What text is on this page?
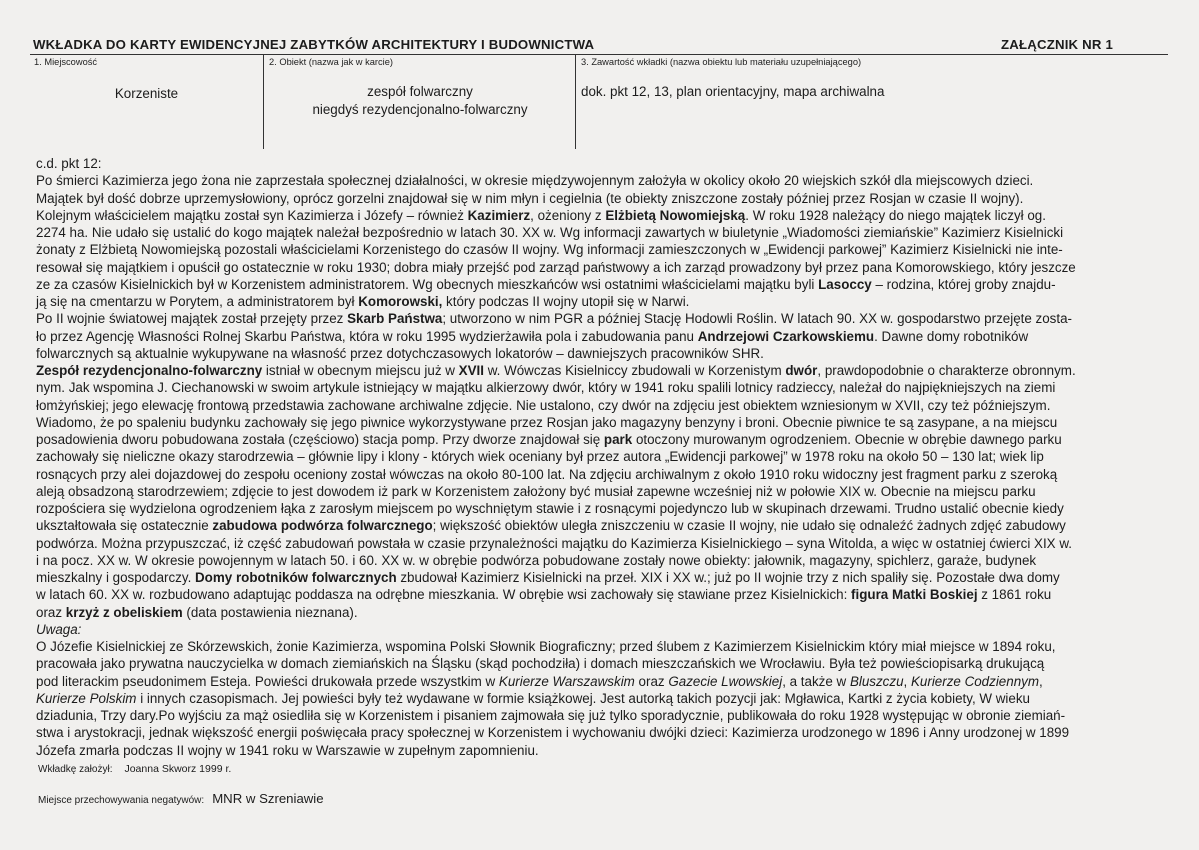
WKŁADKA DO KARTY EWIDENCYJNEJ ZABYTKÓW ARCHITEKTURY I BUDOWNICTWA	ZAŁĄCZNIK NR 1
1. Miejscowość
Korzeniste
2. Obiekt (nazwa jak w karcie)
zespół folwarczny
niegdyś rezydencjonalno-folwarczny
3. Zawartość wkładki (nazwa obiektu lub materiału uzupełniającego)
dok. pkt 12, 13, plan orientacyjny, mapa archiwalna

c.d. pkt 12:

Po śmierci Kazimierza jego żona nie zaprzestała społecznej działalności, w okresie międzywojennym założyła w okolicy około 20 wiejskich szkół dla miejscowych dzieci.

Majątek był dość dobrze uprzemysłowiony, oprócz gorzelni znajdował się w nim młyn i cegielnia (te obiekty zniszczone zostały później przez Rosjan w czasie II wojny).

Kolejnym właścicielem majątku został syn Kazimierza i Józefy – również Kazimierz, ożeniony z Elżbietą Nowomiejską. W roku 1928 należący do niego majątek liczył og.

2274 ha. Nie udało się ustalić do kogo majątek należał bezpośrednio w latach 30. XX w. Wg informacji zawartych w biuletynie „Wiadomości ziemiańskie” Kazimierz Kisielnicki

żonaty z Elżbietą Nowomiejską pozostali właścicielami Korzenistego do czasów II wojny. Wg informacji zamieszczonych w „Ewidencji parkowej” Kazimierz Kisielnicki nie inte-

resował się majątkiem i opuścił go ostatecznie w roku 1930; dobra miały przejść pod zarząd państwowy a ich zarząd prowadzony był przez pana Komorowskiego, który jeszcze

ze za czasów Kisielnickich był w Korzenistem administratorem. Wg obecnych mieszkańców wsi ostatnimi właścicielami majątku byli Lasoccy – rodzina, której groby znajdu-

ją się na cmentarzu w Porytem, a administratorem był Komorowski, który podczas II wojny utopił się w Narwi.

Po II wojnie światowej majątek został przejęty przez Skarb Państwa; utworzono w nim PGR a później Stację Hodowli Roślin. W latach 90. XX w. gospodarstwo przejęte zosta-

ło przez Agencję Własności Rolnej Skarbu Państwa, która w roku 1995 wydzierżawiła pola i zabudowania panu Andrzejowi Czarkowskiemu. Dawne domy robotników

folwarcznych są aktualnie wykupywane na własność przez dotychczasowych lokatorów – dawniejszych pracowników SHR.

Zespół rezydencjonalno-folwarczny istniał w obecnym miejscu już w XVII w. Wówczas Kisielniccy zbudowali w Korzenistym dwór, prawdopodobnie o charakterze obronnym.

nym. Jak wspomina J. Ciechanowski w swoim artykule istniejący w majątku alkierzowy dwór, który w 1941 roku spalili lotnicy radzieccy, należał do najpiękniejszych na ziemi

łomżyńskiej; jego elewację frontową przedstawia zachowane archiwalne zdjęcie. Nie ustalono, czy dwór na zdjęciu jest obiektem wzniesionym w XVII, czy też późniejszym.

Wiadomo, że po spaleniu budynku zachowały się jego piwnice wykorzystywane przez Rosjan jako magazyny benzyny i broni. Obecnie piwnice te są zasypane, a na miejscu

posadowienia dworu pobudowana została (częściowo) stacja pomp. Przy dworze znajdował się park otoczony murowanym ogrodzeniem. Obecnie w obrębie dawnego parku

zachowały się nieliczne okazy starodrzewia – głównie lipy i klony - których wiek oceniany był przez autora „Ewidencji parkowej” w 1978 roku na około 50 – 130 lat; wiek lip

rosnących przy alei dojazdowej do zespołu oceniony został wówczas na około 80-100 lat. Na zdjęciu archiwalnym z około 1910 roku widoczny jest fragment parku z szeroką

aleją obsadzoną starodrzewiem; zdjęcie to jest dowodem iż park w Korzenistem założony być musiał zapewne wcześniej niż w połowie XIX w. Obecnie na miejscu parku

rozpościera się wydzielona ogrodzeniem łąka z zarosłym miejscem po wyschniętym stawie i z rosnącymi pojedynczo lub w skupinach drzewami. Trudno ustalić obecnie kiedy

ukształtowała się ostatecznie zabudowa podwórza folwarcznego; większość obiektów uległa zniszczeniu w czasie II wojny, nie udało się odnaleźć żadnych zdjęć zabudowy

podwórza. Można przypuszczać, iż część zabudowań powstała w czasie przynależności majątku do Kazimierza Kisielnickiego – syna Witolda, a więc w ostatniej ćwierci XIX w.

i na pocz. XX w. W okresie powojennym w latach 50. i 60. XX w. w obrębie podwórza pobudowane zostały nowe obiekty: jałownik, magazyny, spichlerz, garaże, budynek

mieszkalny i gospodarczy. Domy robotników folwarcznych zbudował Kazimierz Kisielnicki na przeł. XIX i XX w.; już po II wojnie trzy z nich spaliły się. Pozostałe dwa domy

w latach 60. XX w. rozbudowano adaptując poddasza na odrębne mieszkania. W obrębie wsi zachowały się stawiane przez Kisielnickich: figura Matki Boskiej z 1861 roku

oraz krzyż z obeliskiem (data postawienia nieznana).

Uwaga:

O Józefie Kisielnickiej ze Skórzewskich, żonie Kazimierza, wspomina Polski Słownik Biograficzny; przed ślubem z Kazimierzem Kisielnickim który miał miejsce w 1894 roku,

pracowała jako prywatna nauczycielka w domach ziemiańskich na Śląsku (skąd pochodziła) i domach mieszczańskich we Wrocławiu. Była też powieściopisarką drukującą

pod literackim pseudonimem Esteja. Powieści drukowała przede wszystkim w Kurierze Warszawskim oraz Gazecie Lwowskiej, a także w Bluszczu, Kurierze Codziennym,

Kurierze Polskim i innych czasopismach. Jej powieści były też wydawane w formie książkowej. Jest autorką takich pozycji jak: Mgławica, Kartki z życia kobiety, W wieku

dziadunia, Trzy dary.Po wyjściu za mąż osiedliła się w Korzenistem i pisaniem zajmowała się już tylko sporadycznie, publikowała do roku 1928 występując w obronie ziemiań-

stwa i arystokracji, jednak większość energii poświęcała pracy społecznej w Korzenistem i wychowaniu dwójki dzieci: Kazimierza urodzonego w 1896 i Anny urodzonej w 1899

Józefa zmarła podczas II wojny w 1941 roku w Warszawie w zupełnym zapomnieniu.

Wkładkę założył: Joanna Skworz 1999 r.
Miejsce przechowywania negatywów: MNR w Szreniawie
